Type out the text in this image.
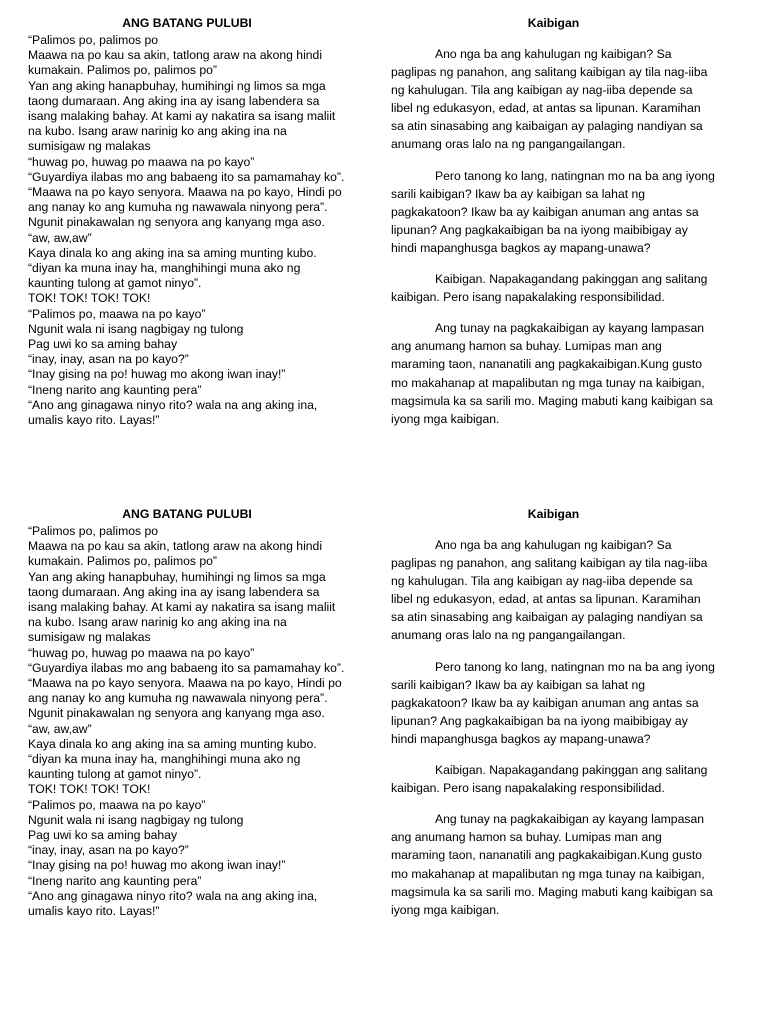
ANG BATANG PULUBI

“Palimos po, palimos po

Maawa na po kau sa akin, tatlong araw na akong hindi kumakain. Palimos po, palimos po”

Yan ang aking hanapbuhay, humihingi ng limos sa mga taong dumaraan. Ang aking ina ay isang labendera sa isang malaking bahay. At kami ay nakatira sa isang maliit na kubo. Isang araw narinig ko ang aking ina na sumisigaw ng malakas

“huwag po, huwag po maawa na po kayo”

“Guyardiya ilabas mo ang babaeng ito sa pamamahay ko”.

“Maawa na po kayo senyora. Maawa na po kayo, Hindi po ang nanay ko ang kumuha ng nawawala ninyong pera”.

Ngunit pinakawalan ng senyora ang kanyang mga aso.

“aw, aw,aw”

Kaya dinala ko ang aking ina sa aming munting kubo.

“diyan ka muna inay ha, manghihingi muna ako ng kaunting tulong at gamot ninyo”.

TOK! TOK! TOK! TOK!

“Palimos po, maawa na po kayo”

Ngunit wala ni isang nagbigay ng tulong

Pag uwi ko sa aming bahay

“inay, inay, asan na po kayo?”

“Inay gising na po! huwag mo akong iwan inay!”

“Ineng narito ang kaunting pera”

“Ano ang ginagawa ninyo rito? wala na ang aking ina, umalis kayo rito. Layas!”

Kaibigan

Ano nga ba ang kahulugan ng kaibigan? Sa paglipas ng panahon, ang salitang kaibigan ay tila nag-iiba ng kahulugan. Tila ang kaibigan ay nag-iiba depende sa libel ng edukasyon, edad, at antas sa lipunan. Karamihan sa atin sinasabing ang kaibaigan ay palaging nandiyan sa anumang oras lalo na ng pangangailangan.

Pero tanong ko lang, natingnan mo na ba ang iyong sarili kaibigan? Ikaw ba ay kaibigan sa lahat ng pagkakatoon? Ikaw ba ay kaibigan anuman ang antas sa lipunan? Ang pagkakaibigan ba na iyong maibibigay ay hindi mapanghusga bagkos ay mapang-unawa?

Kaibigan. Napakagandang pakinggan ang salitang kaibigan. Pero isang napakalaking responsibilidad.

Ang tunay na pagkakaibigan ay kayang lampasan ang anumang hamon sa buhay. Lumipas man ang maraming taon, nananatili ang pagkakaibigan.Kung gusto mo makahanap at mapalibutan ng mga tunay na kaibigan, magsimula ka sa sarili mo. Maging mabuti kang kaibigan sa iyong mga kaibigan.

ANG BATANG PULUBI

“Palimos po, palimos po

Maawa na po kau sa akin, tatlong araw na akong hindi kumakain. Palimos po, palimos po”

Yan ang aking hanapbuhay, humihingi ng limos sa mga taong dumaraan. Ang aking ina ay isang labendera sa isang malaking bahay. At kami ay nakatira sa isang maliit na kubo. Isang araw narinig ko ang aking ina na sumisigaw ng malakas

“huwag po, huwag po maawa na po kayo”

“Guyardiya ilabas mo ang babaeng ito sa pamamahay ko”.

“Maawa na po kayo senyora. Maawa na po kayo, Hindi po ang nanay ko ang kumuha ng nawawala ninyong pera”.

Ngunit pinakawalan ng senyora ang kanyang mga aso.

“aw, aw,aw”

Kaya dinala ko ang aking ina sa aming munting kubo.

“diyan ka muna inay ha, manghihingi muna ako ng kaunting tulong at gamot ninyo”.

TOK! TOK! TOK! TOK!

“Palimos po, maawa na po kayo”

Ngunit wala ni isang nagbigay ng tulong

Pag uwi ko sa aming bahay

“inay, inay, asan na po kayo?”

“Inay gising na po! huwag mo akong iwan inay!”

“Ineng narito ang kaunting pera”

“Ano ang ginagawa ninyo rito? wala na ang aking ina, umalis kayo rito. Layas!”

Kaibigan

Ano nga ba ang kahulugan ng kaibigan? Sa paglipas ng panahon, ang salitang kaibigan ay tila nag-iiba ng kahulugan. Tila ang kaibigan ay nag-iiba depende sa libel ng edukasyon, edad, at antas sa lipunan. Karamihan sa atin sinasabing ang kaibaigan ay palaging nandiyan sa anumang oras lalo na ng pangangailangan.

Pero tanong ko lang, natingnan mo na ba ang iyong sarili kaibigan? Ikaw ba ay kaibigan sa lahat ng pagkakatoon? Ikaw ba ay kaibigan anuman ang antas sa lipunan? Ang pagkakaibigan ba na iyong maibibigay ay hindi mapanghusga bagkos ay mapang-unawa?

Kaibigan. Napakagandang pakinggan ang salitang kaibigan. Pero isang napakalaking responsibilidad.

Ang tunay na pagkakaibigan ay kayang lampasan ang anumang hamon sa buhay. Lumipas man ang maraming taon, nananatili ang pagkakaibigan.Kung gusto mo makahanap at mapalibutan ng mga tunay na kaibigan, magsimula ka sa sarili mo. Maging mabuti kang kaibigan sa iyong mga kaibigan.
